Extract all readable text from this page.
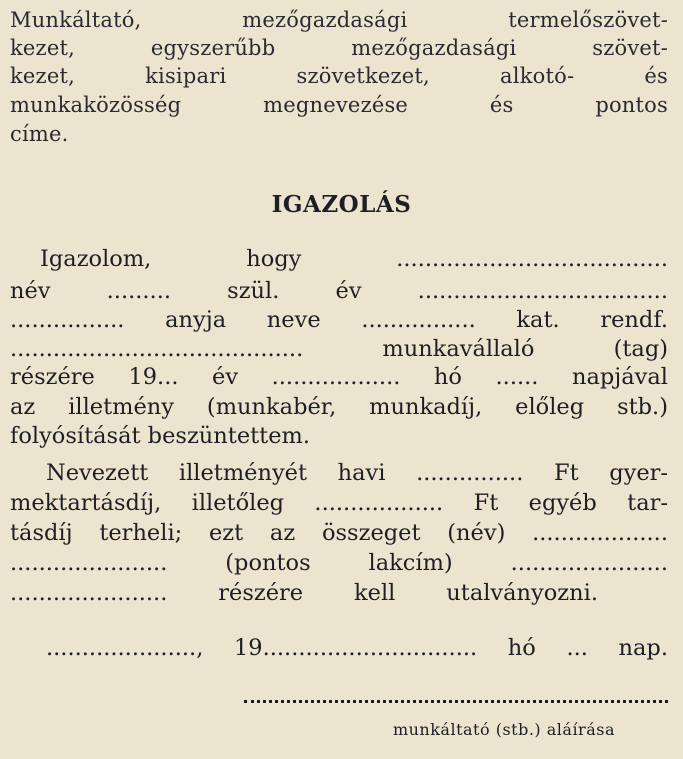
Munkáltató, mezőgazdasági termelőszövet-
kezet, egyszerűbb mezőgazdasági szövet-
kezet, kisipari szövetkezet, alkotó- és
munkaközösség megnevezése és pontos
címe.
IGAZOLÁS
Igazolom, hogy ......................................
név ......... szül. év ...................................
................ anyja neve ................ kat. rendf.
......................................... munkavállaló (tag)
részére 19... év .................. hó ...... napjával
az illetmény (munkabér, munkadíj, előleg stb.)
folyósítását beszüntettem.
Nevezett illetményét havi ............... Ft gyer-
mektartásdíj, illetőleg .................. Ft egyéb tar-
tásdíj terheli; ezt az összeget (név) ...................
...................... (pontos lakcím) ......................
...................... részére kell utalványozni.
....................., 19.............................. hó ... nap.
munkáltató (stb.) aláírása
